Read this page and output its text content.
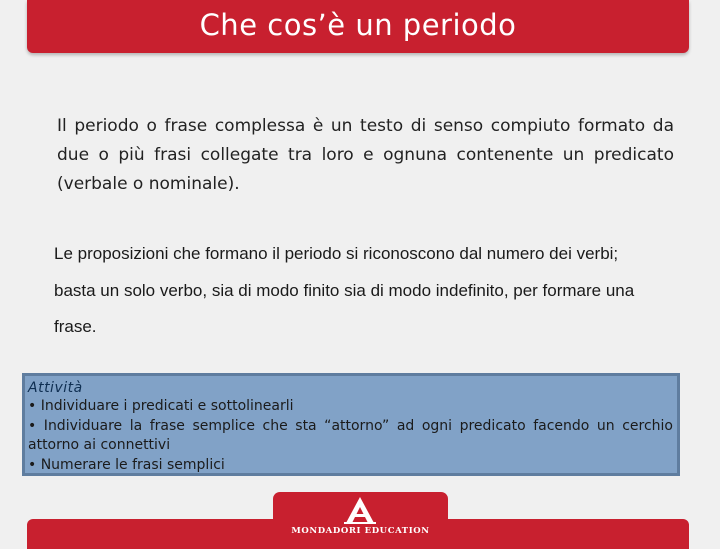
Che cos’è un periodo

Il periodo o frase complessa è un testo di senso compiuto formato da due o più frasi collegate tra loro e ognuna contenente un predicato (verbale o nominale).

Le proposizioni che formano il periodo si riconoscono dal numero dei verbi; basta un solo verbo, sia di modo finito sia di modo indefinito, per formare una frase.

Attività

• Individuare i predicati e sottolinearli

• Individuare la frase semplice che sta “attorno” ad ogni predicato facendo un cerchio attorno ai connettivi

• Numerare le frasi semplici

MONDADORI EDUCATION
